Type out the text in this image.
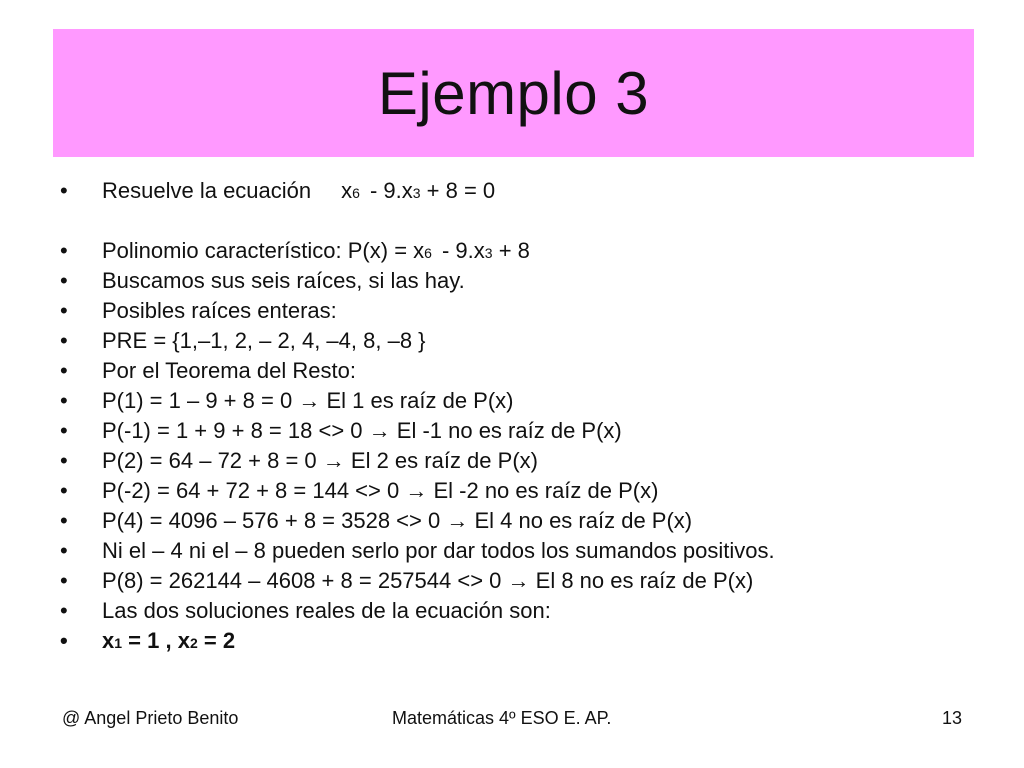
Ejemplo 3
•	Resuelve la ecuación x 6 - 9.x 3
+ 8 = 0
•	Polinomio característico: P(x) = x 6 - 9.x 3
+ 8
•	Buscamos sus seis raíces, si las hay.
•	Posibles raíces enteras:
•	PRE = {1,–1, 2, – 2, 4, –4, 8, –8 }
•	Por el Teorema del Resto:
•	P(1) = 1 – 9 + 8 = 0
→
El 1 es raíz de P(x)
•	P(-1) = 1 + 9 + 8 = 18 <> 0
→
El -1 no es raíz de P(x)
•	P(2) = 64 – 72 + 8 = 0
→
El 2 es raíz de P(x)
•	P(-2) = 64 + 72 + 8 = 144 <> 0
→
El -2 no es raíz de P(x)
•	P(4) = 4096 – 576 + 8 = 3528 <> 0
→
El 4 no es raíz de P(x)
•	Ni el – 4 ni el – 8 pueden serlo por dar todos los sumandos positivos.
•	P(8) = 262144 – 4608 + 8 = 257544 <> 0
→
El 8 no es raíz de P(x)
•	Las dos soluciones reales de la ecuación son:
•	x 1
= 1 ,
x 2
= 2
@ Angel Prieto Benito	Matemáticas 4º ESO E. AP.	13
